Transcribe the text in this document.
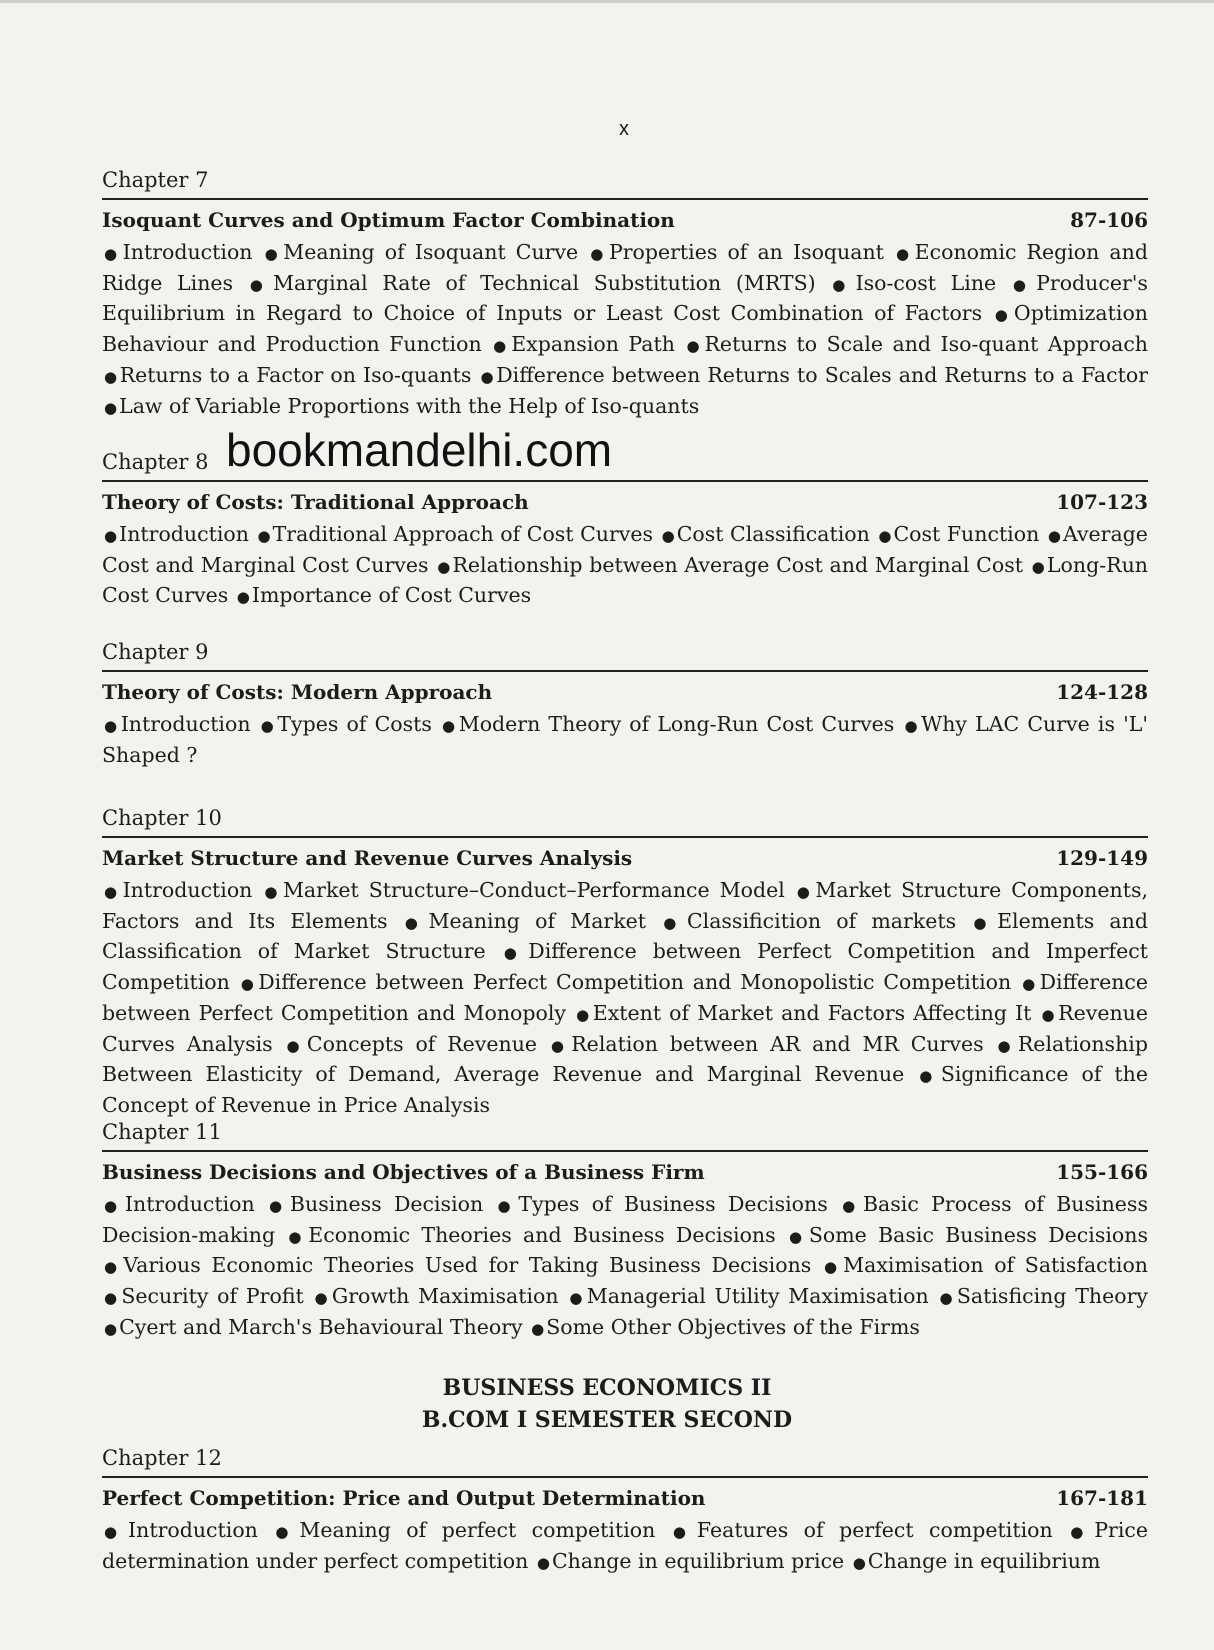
x
Chapter 7
Isoquant Curves and Optimum Factor Combination	87-106
●Introduction ●Meaning of Isoquant Curve ●Properties of an Isoquant ●Economic Region and Ridge Lines ●Marginal Rate of Technical Substitution (MRTS) ●Iso-cost Line ●Producer's Equilibrium in Regard to Choice of Inputs or Least Cost Combination of Factors ●Optimization Behaviour and Production Function ●Expansion Path ●Returns to Scale and Iso-quant Approach ●Returns to a Factor on Iso-quants ●Difference between Returns to Scales and Returns to a Factor ●Law of Variable Proportions with the Help of Iso-quants
Chapter 8
Theory of Costs: Traditional Approach	107-123
●Introduction ●Traditional Approach of Cost Curves ●Cost Classification ●Cost Function ●Average Cost and Marginal Cost Curves ●Relationship between Average Cost and Marginal Cost ●Long-Run Cost Curves ●Importance of Cost Curves
bookmandelhi.com
Chapter 9
Theory of Costs: Modern Approach	124-128
●Introduction ●Types of Costs ●Modern Theory of Long-Run Cost Curves ●Why LAC Curve is 'L' Shaped ?
Chapter 10
Market Structure and Revenue Curves Analysis	129-149
●Introduction ●Market Structure–Conduct–Performance Model ●Market Structure Components, Factors and Its Elements ●Meaning of Market ●Classificition of markets ●Elements and Classification of Market Structure ●Difference between Perfect Competition and Imperfect Competition ●Difference between Perfect Competition and Monopolistic Competition ●Difference between Perfect Competition and Monopoly ●Extent of Market and Factors Affecting It ●Revenue Curves Analysis ●Concepts of Revenue ●Relation between AR and MR Curves ●Relationship Between Elasticity of Demand, Average Revenue and Marginal Revenue ●Significance of the Concept of Revenue in Price Analysis
Chapter 11
Business Decisions and Objectives of a Business Firm	155-166
●Introduction ●Business Decision ●Types of Business Decisions ●Basic Process of Business Decision-making ●Economic Theories and Business Decisions ●Some Basic Business Decisions ●Various Economic Theories Used for Taking Business Decisions ●Maximisation of Satisfaction ●Security of Profit ●Growth Maximisation ●Managerial Utility Maximisation ●Satisficing Theory ●Cyert and March's Behavioural Theory ●Some Other Objectives of the Firms
BUSINESS ECONOMICS II
B.COM I SEMESTER SECOND
Chapter 12
Perfect Competition: Price and Output Determination	167-181
●Introduction ●Meaning of perfect competition ●Features of perfect competition ●Price determination under perfect competition ●Change in equilibrium price ●Change in equilibrium
